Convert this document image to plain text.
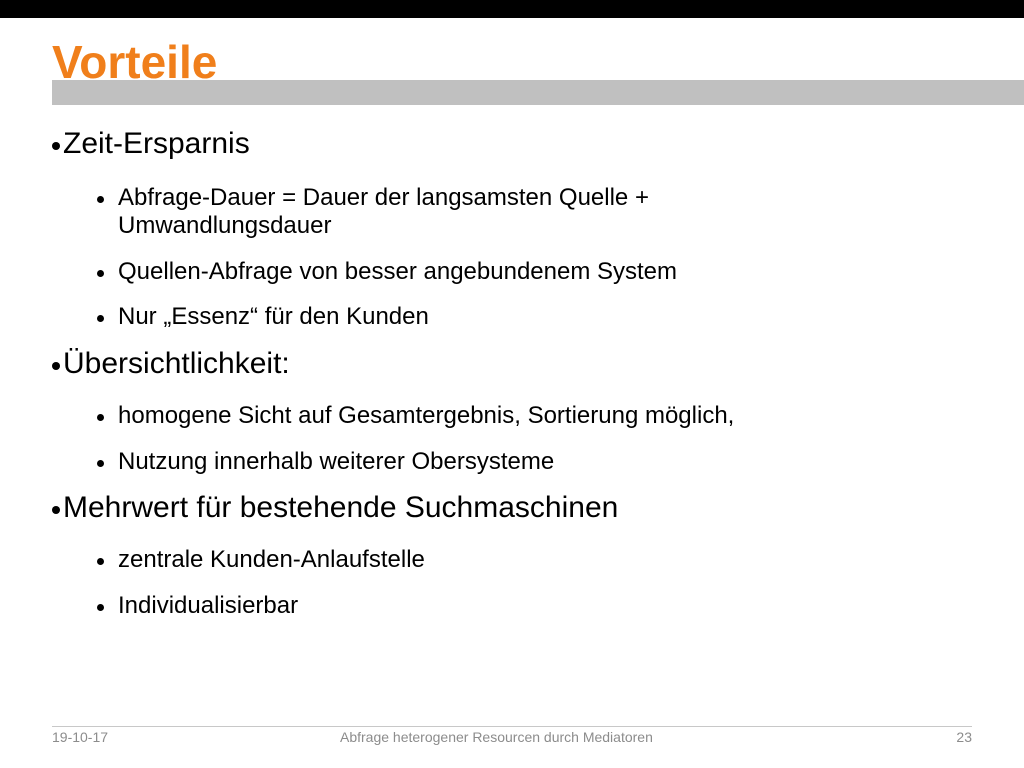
Vorteile
Zeit-Ersparnis
Abfrage-Dauer = Dauer der langsamsten Quelle +
Umwandlungsdauer
Quellen-Abfrage von besser angebundenem System
Nur „Essenz“ für den Kunden
Übersichtlichkeit:
homogene Sicht auf Gesamtergebnis, Sortierung möglich,
Nutzung innerhalb weiterer Obersysteme
Mehrwert für bestehende Suchmaschinen
zentrale Kunden-Anlaufstelle
Individualisierbar
19-10-17	Abfrage heterogener Resourcen durch Mediatoren	23
